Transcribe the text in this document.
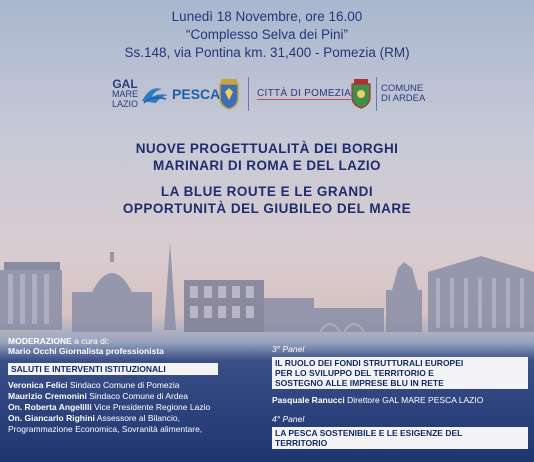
Lunedì 18 Novembre, ore 16.00
“Complesso Selva dei Pini”
Ss.148, via Pontina km. 31,400 - Pomezia (RM)
GAL
MARE
LAZIO
PESCA	CITTÀ DI POMEZIA	COMUNE
DI ARDEA
NUOVE PROGETTUALITÀ DEI BORGHI
MARINARI DI ROMA E DEL LAZIO
LA BLUE ROUTE E LE GRANDI
OPPORTUNITÀ DEL GIUBILEO DEL MARE
MODERAZIONE a cura di:
Mario Occhi Giornalista professionista
SALUTI E INTERVENTI ISTITUZIONALI
Veronica Felici Sindaco Comune di Pomezia
Maurizio Cremonini Sindaco Comune di Ardea
On. Roberta Angelilli Vice Presidente Regione Lazio
On. Giancarlo Righini Assessore al Bilancio,
Programmazione Economica, Sovranità alimentare,
3° Panel
IL RUOLO DEI FONDI STRUTTURALI EUROPEI
PER LO SVILUPPO DEL TERRITORIO E
SOSTEGNO ALLE IMPRESE BLU IN RETE
Pasquale Ranucci Direttore GAL MARE PESCA LAZIO
4° Panel
LA PESCA SOSTENIBILE E LE ESIGENZE DEL
TERRITORIO
